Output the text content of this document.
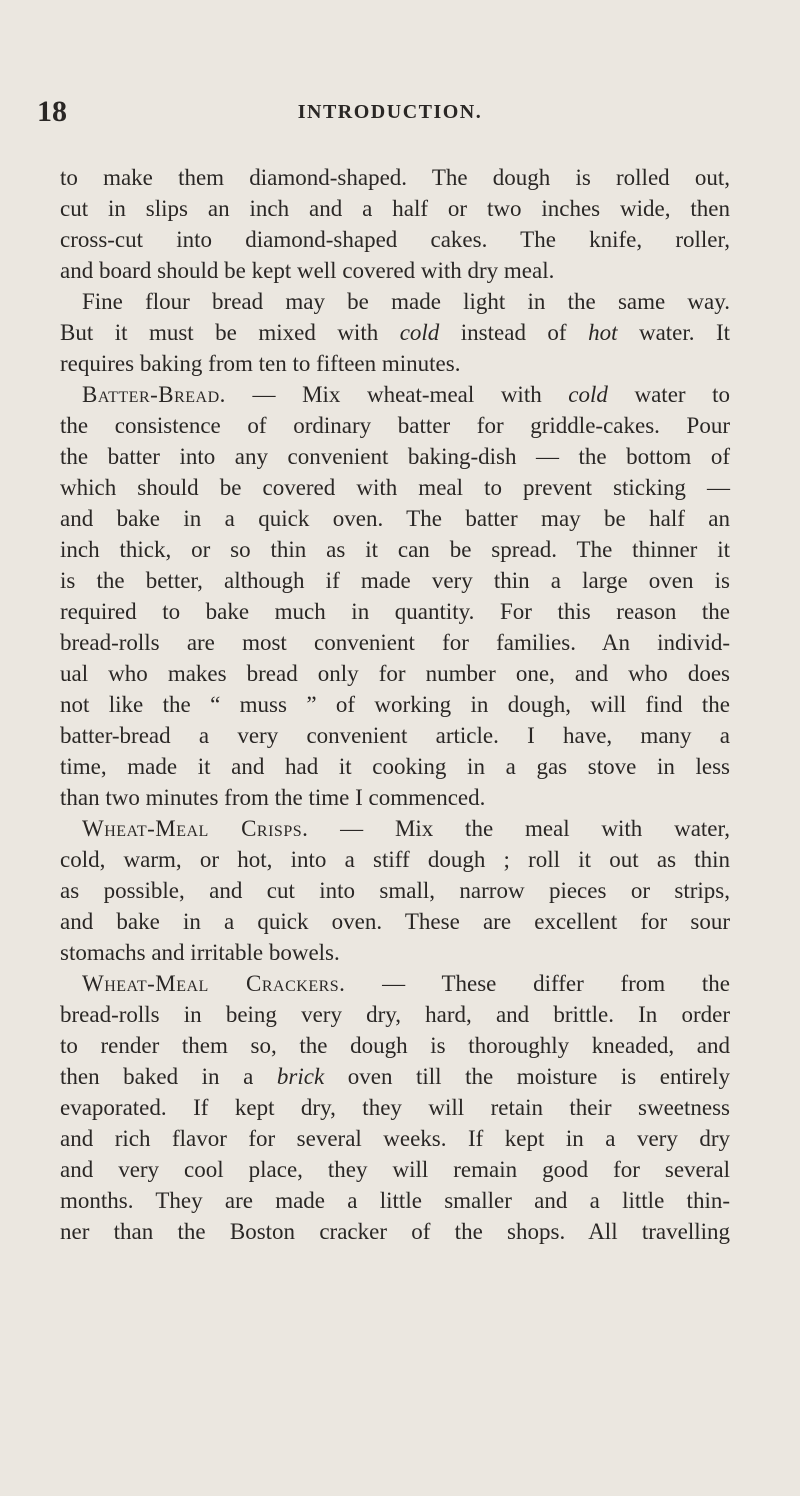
18	INTRODUCTION.
to make them diamond-shaped. The dough is rolled out,
cut in slips an inch and a half or two inches wide, then
cross-cut into diamond-shaped cakes. The knife, roller,
and board should be kept well covered with dry meal.
Fine flour bread may be made light in the same way.
But it must be mixed with cold instead of hot water. It
requires baking from ten to fifteen minutes.
Batter-Bread. — Mix wheat-meal with cold water to
the consistence of ordinary batter for griddle-cakes. Pour
the batter into any convenient baking-dish — the bottom of
which should be covered with meal to prevent sticking —
and bake in a quick oven. The batter may be half an
inch thick, or so thin as it can be spread. The thinner it
is the better, although if made very thin a large oven is
required to bake much in quantity. For this reason the
bread-rolls are most convenient for families. An individ-
ual who makes bread only for number one, and who does
not like the “ muss ” of working in dough, will find the
batter-bread a very convenient article. I have, many a
time, made it and had it cooking in a gas stove in less
than two minutes from the time I commenced.
Wheat-Meal Crisps. — Mix the meal with water,
cold, warm, or hot, into a stiff dough ; roll it out as thin
as possible, and cut into small, narrow pieces or strips,
and bake in a quick oven. These are excellent for sour
stomachs and irritable bowels.
Wheat-Meal Crackers. — These differ from the
bread-rolls in being very dry, hard, and brittle. In order
to render them so, the dough is thoroughly kneaded, and
then baked in a brick oven till the moisture is entirely
evaporated. If kept dry, they will retain their sweetness
and rich flavor for several weeks. If kept in a very dry
and very cool place, they will remain good for several
months. They are made a little smaller and a little thin-
ner than the Boston cracker of the shops. All travelling
